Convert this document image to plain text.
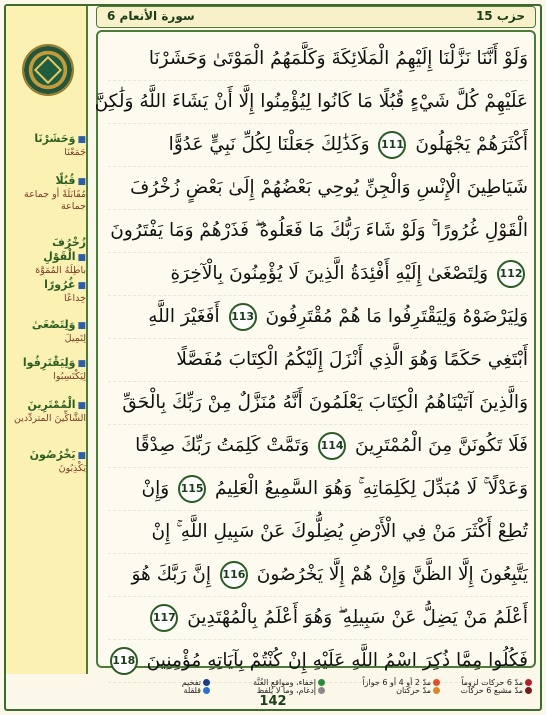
وَحَشَرْنَا ■
جَمَعْنَا
قُبُلًا ■
مُقَابَلَةً أو جماعة جماعة
زُخْرُفَ الْقَوْلِ ■
باطِلَهُ المُمَوَّهَ
غُرُورًا ■
خِداعًا
وَلِتَصْغَىٰ ■
لِتَمِيلَ
وَلِيَقْتَرِفُوا ■
لِيَكْتَسِبُوا
الْمُمْتَرِينَ ■
الشَّاكِّينَ المتردِّدين
يَخْرُصُونَ ■
يَكْذِبُونَ
حزب 15
6 سورة الأنعام
ولو أننا نزلنا إليهم الملئكة وكلمهم الموتى وحشرنا
عليهم كل شيء قبل ما كانوا ليؤمنوا إل أن يشاء الله ولكن
أكثرهم يجهلون 111 وكذلك جعلنا لكل نبي عدوا
شياطين النس والجن يوحي بعضهم إلى بعض زخرف
القول غرورا ولو شاء ربك ما فعلوه فذرهم وما يفترون
112 ولتصغى إليه أفئدة الذين ل يؤمنون بالخرة
وليرضوه وليقترفوا ما هم مقترفون 113 أفغير الله
أبتغي حكما وهو الذي أنزل إليكم الكتاب مفصل
والذين آتيناهم الكتاب يعلمون أنه منزل من ربك بالحق
فل تكونن من الممترين 114 وتمت كلمت ربك صدقا
وعدل ل مبدل لكلماته وهو السميع العليم 115 وإن
تطع أكثر من في الرض يضلوك عن سبيل الله إن
يتبعون إل الظن وإن هم إل يخرصون 116 إن ربك هو
أعلم من يضل عن سبيله وهو أعلم بالمهتدين 117
فكلوا مما ذكر اسم الله عليه إن كنتم بآياته مؤمنين 118
مدّ 6 حركات لزوماً
مدّ 2 أو 4 أو 6 جوازاً
إخفاء، ومواقع الغُنَّة
تفخيم
مدّ مشبع 6 حركات
مدّ حركتان
إدغام، وما لا يُلفظ
قلقلة
142
